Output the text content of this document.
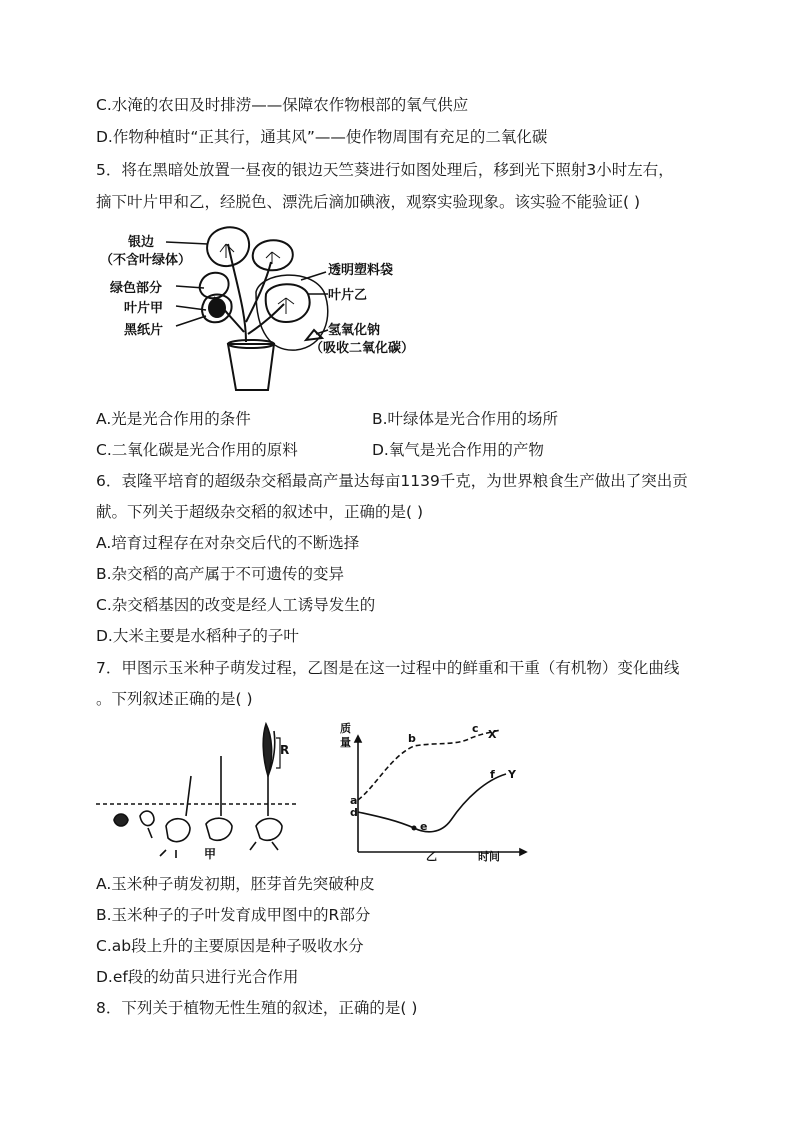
C.水淹的农田及时排涝——保障农作物根部的氧气供应
D.作物种植时“正其行，通其风”——使作物周围有充足的二氧化碳
5．将在黑暗处放置一昼夜的银边天竺葵进行如图处理后，移到光下照射3小时左右，
摘下叶片甲和乙，经脱色、漂洗后滴加碘液，观察实验现象。该实验不能验证( )
银边
（不含叶绿体）
绿色部分
叶片甲
黑纸片
透明塑料袋
叶片乙
氢氧化钠
（吸收二氧化碳）
A.光是光合作用的条件	B.叶绿体是光合作用的场所
C.二氧化碳是光合作用的原料	D.氧气是光合作用的产物
6．袁隆平培育的超级杂交稻最高产量达每亩1139千克，为世界粮食生产做出了突出贡
献。下列关于超级杂交稻的叙述中，正确的是( )
A.培育过程存在对杂交后代的不断选择
B.杂交稻的高产属于不可遗传的变异
C.杂交稻基因的改变是经人工诱导发生的
D.大米主要是水稻种子的子叶
7．甲图示玉米种子萌发过程，乙图是在这一过程中的鲜重和干重（有机物）变化曲线
。下列叙述正确的是( )
R
甲
质
量
a
b
c
d
e
f
X
Y
乙	时间
A.玉米种子萌发初期，胚芽首先突破种皮
B.玉米种子的子叶发育成甲图中的R部分
C.ab段上升的主要原因是种子吸收水分
D.ef段的幼苗只进行光合作用
8．下列关于植物无性生殖的叙述，正确的是( )
